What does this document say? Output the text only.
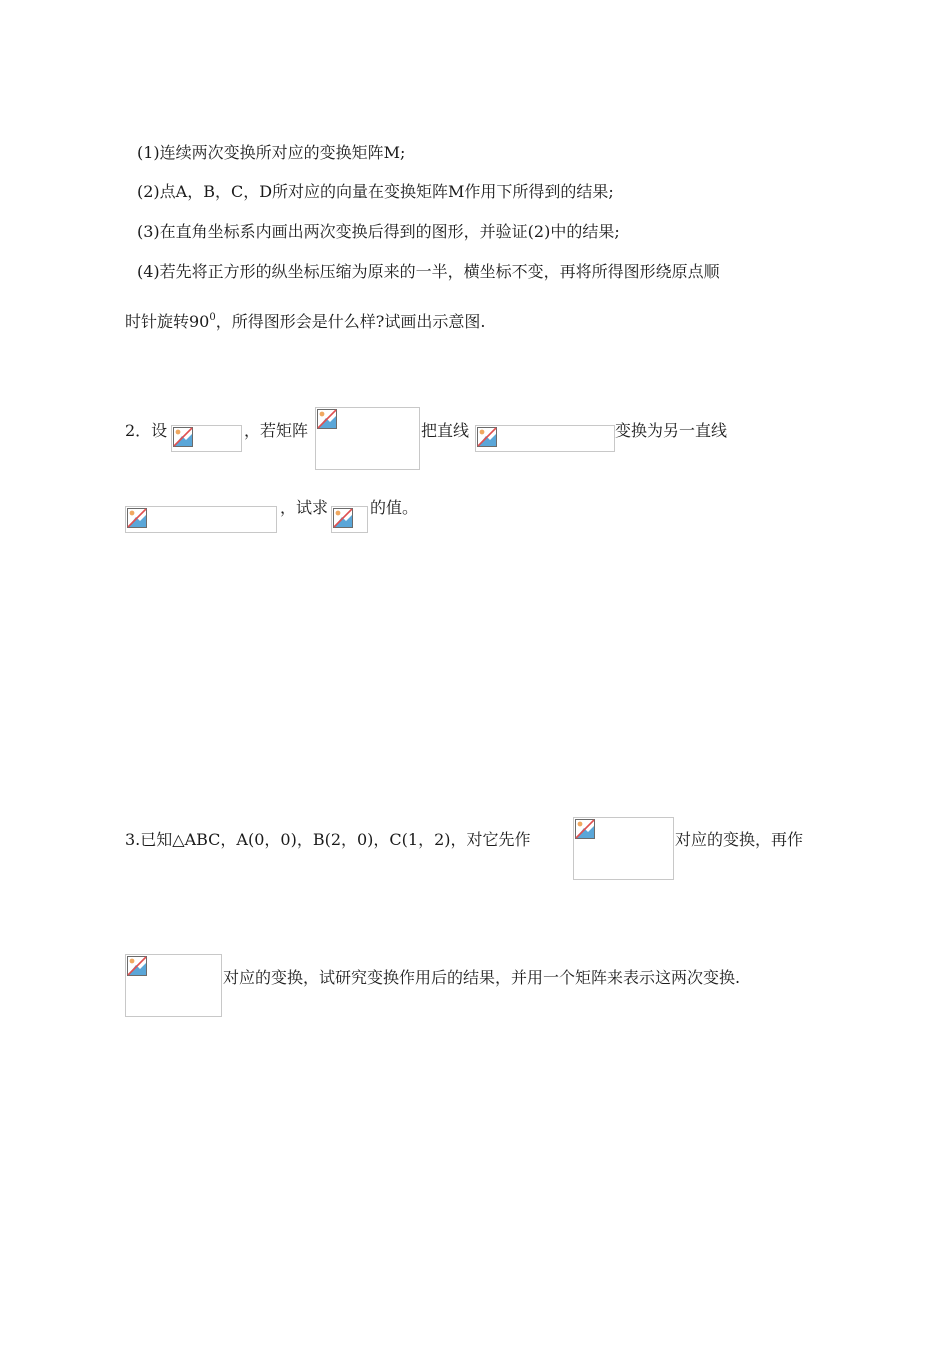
(1)连续两次变换所对应的变换矩阵M;
(2)点A，B，C，D所对应的向量在变换矩阵M作用下所得到的结果;
(3)在直角坐标系内画出两次变换后得到的图形，并验证(2)中的结果;
(4)若先将正方形的纵坐标压缩为原来的一半，横坐标不变，再将所得图形绕原点顺
时针旋转$90^0$，所得图形会是什么样?试画出示意图.
2．设	，若矩阵	把直线	变换为另一直线
，试求	的值。
3.已知△ABC，A(0，0)，B(2，0)，C(1，2)，对它先作	对应的变换，再作
对应的变换，试研究变换作用后的结果，并用一个矩阵来表示这两次变换.
